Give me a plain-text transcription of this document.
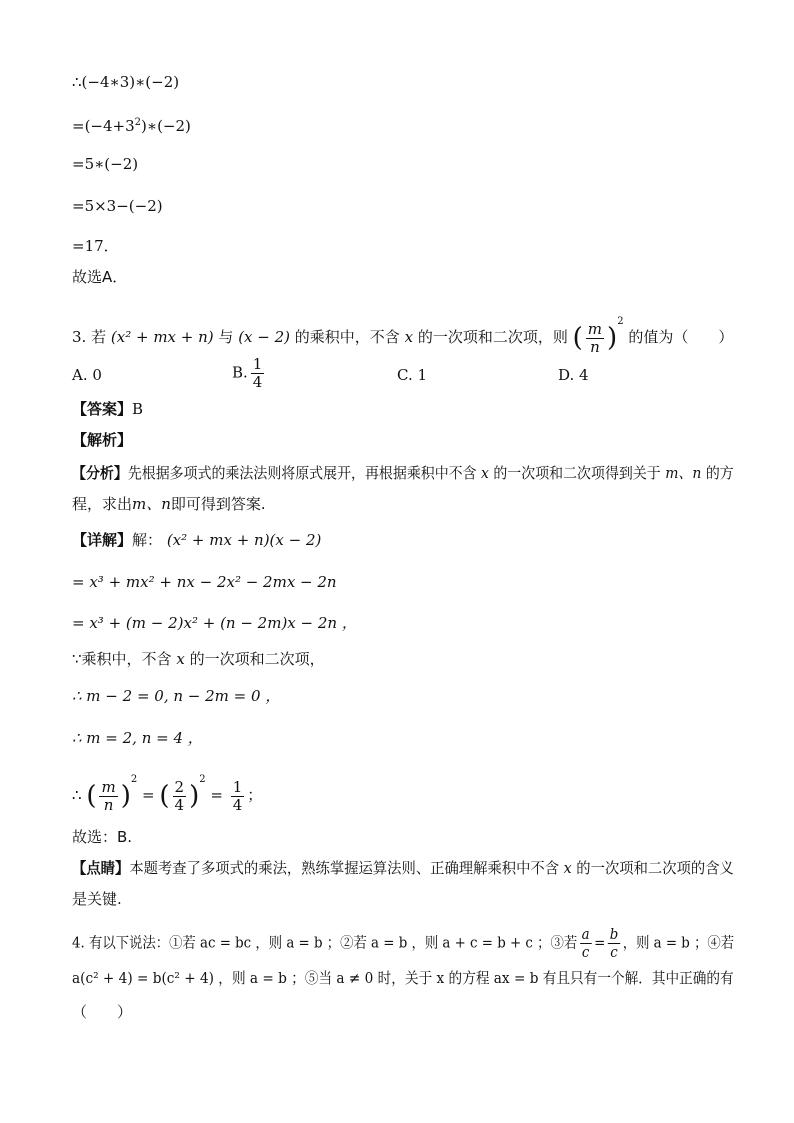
∴(−4∗3)∗(−2)
$=(-4+3^2)∗(-2)$
=5∗(−2)
=5×3−(−2)
=17．
故选A．
3. 若 (x² + mx + n) 与 (x − 2) 的乘积中，不含 x 的一次项和二次项，则 ( $\frac{m}{n} )^2$ 的值为（　　）
A. 0	B. $\frac{1}{4}$	C. 1	D. 4
【答案】B
【解析】
【分析】先根据多项式的乘法法则将原式展开，再根据乘积中不含 x 的一次项和二次项得到关于 m、n 的方
程，求出m、n即可得到答案.
【详解】解： (x² + mx + n)(x − 2)
= x³ + mx² + nx − 2x² − 2mx − 2n
= x³ + (m − 2)x² + (n − 2m)x − 2n ，
∵乘积中，不含 x 的一次项和二次项，
∴ m − 2 = 0, n − 2m = 0 ，
∴ m = 2, n = 4 ，
∴ ( $\frac{m}{n} )^2$ = ( $\frac{2}{4} )^2 = \frac{1}{4}$ ；
故选：B.
【点睛】本题考查了多项式的乘法，熟练掌握运算法则、正确理解乘积中不含 x 的一次项和二次项的含义
是关键.
4. 有以下说法：①若 ac = bc ，则 a = b ；②若 a = b ，则 a + c = b + c ；③若 $\frac{a}{c} = \frac{b}{c}$ ，则 a = b ；④若
a(c² + 4) = b(c² + 4) ，则 a = b ；⑤当 a ≠ 0 时，关于 x 的方程 ax = b 有且只有一个解．其中正确的有
（　　）
